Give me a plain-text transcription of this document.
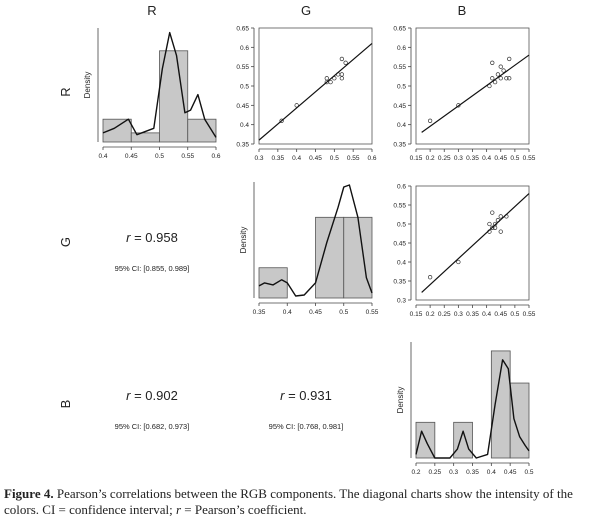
R	G	B
R
G
B
Density
0.4	0.45	0.5	0.55	0.6	0.3 0.35 0.4 0.45 0.5 0.55 0.6
0.35
0.4
0.45
0.5
0.55
0.6
0.65
0.15 0.2 0.25 0.3 0.35 0.4 0.45 0.5 0.55
0.35
0.4
0.45
0.5
0.55
0.6
0.65
r = 0.958
95% CI: [0.855, 0.989]
Density
0.35	0.4	0.45	0.5	0.55	0.15 0.2 0.25 0.3 0.35 0.4 0.45 0.5 0.55
0.3
0.35
0.4
0.45
0.5
0.55
0.6
r = 0.902
95% CI: [0.682, 0.973]
r = 0.931
95% CI: [0.768, 0.981]
Density
0.2 0.25 0.3 0.35 0.4 0.45 0.5
Figure 4. Pearson’s correlations between the RGB components. The diagonal charts show the intensity of the colors. CI = confidence interval; r = Pearson’s coefficient.
